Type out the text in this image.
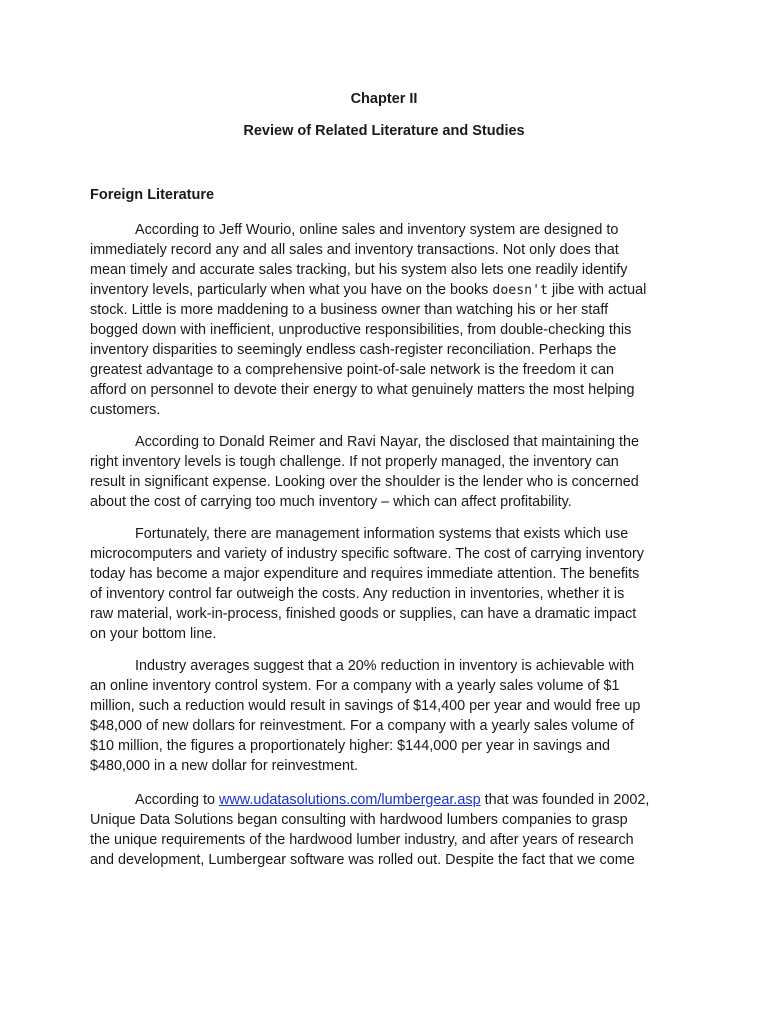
Chapter II
Review of Related Literature and Studies
Foreign Literature
According to Jeff Wourio, online sales and inventory system are designed to
immediately record any and all sales and inventory transactions. Not only does that
mean timely and accurate sales tracking, but his system also lets one readily identify
inventory levels, particularly when what you have on the books doesn't jibe with actual
stock. Little is more maddening to a business owner than watching his or her staff
bogged down with inefficient, unproductive responsibilities, from double-checking this
inventory disparities to seemingly endless cash-register reconciliation. Perhaps the
greatest advantage to a comprehensive point-of-sale network is the freedom it can
afford on personnel to devote their energy to what genuinely matters the most helping
customers.
According to Donald Reimer and Ravi Nayar, the disclosed that maintaining the
right inventory levels is tough challenge. If not properly managed, the inventory can
result in significant expense. Looking over the shoulder is the lender who is concerned
about the cost of carrying too much inventory – which can affect profitability.
Fortunately, there are management information systems that exists which use
microcomputers and variety of industry specific software. The cost of carrying inventory
today has become a major expenditure and requires immediate attention. The benefits
of inventory control far outweigh the costs. Any reduction in inventories, whether it is
raw material, work-in-process, finished goods or supplies, can have a dramatic impact
on your bottom line.
Industry averages suggest that a 20% reduction in inventory is achievable with
an online inventory control system. For a company with a yearly sales volume of $1
million, such a reduction would result in savings of $14,400 per year and would free up
$48,000 of new dollars for reinvestment. For a company with a yearly sales volume of
$10 million, the figures a proportionately higher: $144,000 per year in savings and
$480,000 in a new dollar for reinvestment.
According to www.udatasolutions.com/lumbergear.asp that was founded in 2002,
Unique Data Solutions began consulting with hardwood lumbers companies to grasp
the unique requirements of the hardwood lumber industry, and after years of research
and development, Lumbergear software was rolled out. Despite the fact that we come
